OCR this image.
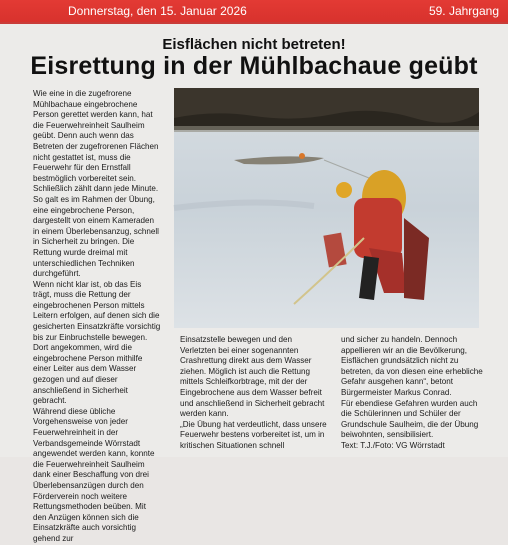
Donnerstag, den 15. Januar 2026	59. Jahrgang
Eisflächen nicht betreten!
Eisrettung in der Mühlbachaue geübt

Wie eine in die zugefrorene Mühlbachaue eingebrochene Person gerettet werden kann, hat die Feuerwehreinheit Saulheim geübt. Denn auch wenn das Betreten der zugefrorenen Flächen nicht gestattet ist, muss die Feuerwehr für den Ernstfall bestmöglich vorbereitet sein. Schließlich zählt dann jede Minute.

So galt es im Rahmen der Übung, eine eingebrochene Person, dargestellt von einem Kameraden in einem Überlebensanzug, schnell in Sicherheit zu bringen. Die Rettung wurde dreimal mit unterschiedlichen Techniken durchgeführt.

Wenn nicht klar ist, ob das Eis trägt, muss die Rettung der eingebrochenen Person mittels Leitern erfolgen, auf denen sich die gesicherten Einsatzkräfte vorsichtig bis zur Einbruchstelle bewegen. Dort angekommen, wird die eingebrochene Person mithilfe einer Leiter aus dem Wasser gezogen und auf dieser anschließend in Sicherheit gebracht.

Während diese übliche Vorgehensweise von jeder Feuerwehreinheit in der Verbandsgemeinde Wörrstadt angewendet werden kann, konnte die Feuerwehreinheit Saulheim dank einer Beschaffung von drei Überlebensanzügen durch den Förderverein noch weitere Rettungsmethoden beüben. Mit den Anzügen können sich die Einsatzkräfte auch vorsichtig gehend zur

Einsatzstelle bewegen und den Verletzten bei einer sogenannten Crashrettung direkt aus dem Wasser ziehen. Möglich ist auch die Rettung mittels Schleifkorbtrage, mit der der Eingebrochene aus dem Wasser befreit und anschließend in Sicherheit gebracht werden kann.

„Die Übung hat verdeutlicht, dass unsere Feuerwehr bestens vorbereitet ist, um in kritischen Situationen schnell

und sicher zu handeln. Dennoch appellieren wir an die Bevölkerung, Eisflächen grundsätzlich nicht zu betreten, da von diesen eine erhebliche Gefahr ausgehen kann“, betont Bürgermeister Markus Conrad.

Für ebendiese Gefahren wurden auch die Schülerinnen und Schüler der Grundschule Saulheim, die der Übung beiwohnten, sensibilisiert.

Text: T.J./Foto: VG Wörrstadt
